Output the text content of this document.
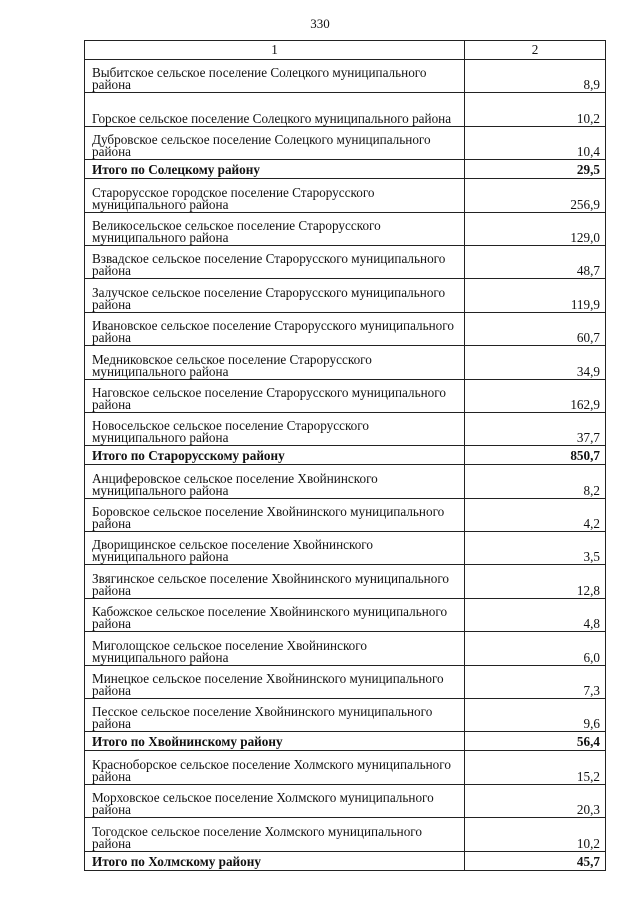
330
1	2

Выбитское сельское поселение Солецкого муниципального района	8,9

Горское сельское поселение Солецкого муниципального района	10,2

Дубровское сельское поселение Солецкого муниципального района	10,4

Итого по Солецкому району	29,5

Старорусское городское поселение Старорусского муниципального района	256,9

Великосельское сельское поселение Старорусского муниципального района	129,0

Взвадское сельское поселение Старорусского муниципального района	48,7

Залучское сельское поселение Старорусского муниципального района	119,9

Ивановское сельское поселение Старорусского муниципального района	60,7

Медниковское сельское поселение Старорусского муниципального района	34,9

Наговское сельское поселение Старорусского муниципального района	162,9

Новосельское сельское поселение Старорусского муниципального района	37,7

Итого по Старорусскому району	850,7

Анциферовское сельское поселение Хвойнинского муниципального района	8,2

Боровское сельское поселение Хвойнинского муниципального района	4,2

Дворищинское сельское поселение Хвойнинского муниципального района	3,5

Звягинское сельское поселение Хвойнинского муниципального района	12,8

Кабожское сельское поселение Хвойнинского муниципального района	4,8

Миголощское сельское поселение Хвойнинского муниципального района	6,0

Минецкое сельское поселение Хвойнинского муниципального района	7,3

Песское сельское поселение Хвойнинского муниципального района	9,6

Итого по Хвойнинскому району	56,4

Красноборское сельское поселение Холмского муниципального района	15,2

Морховское сельское поселение Холмского муниципального района	20,3

Тогодское сельское поселение Холмского муниципального района	10,2

Итого по Холмскому району	45,7
